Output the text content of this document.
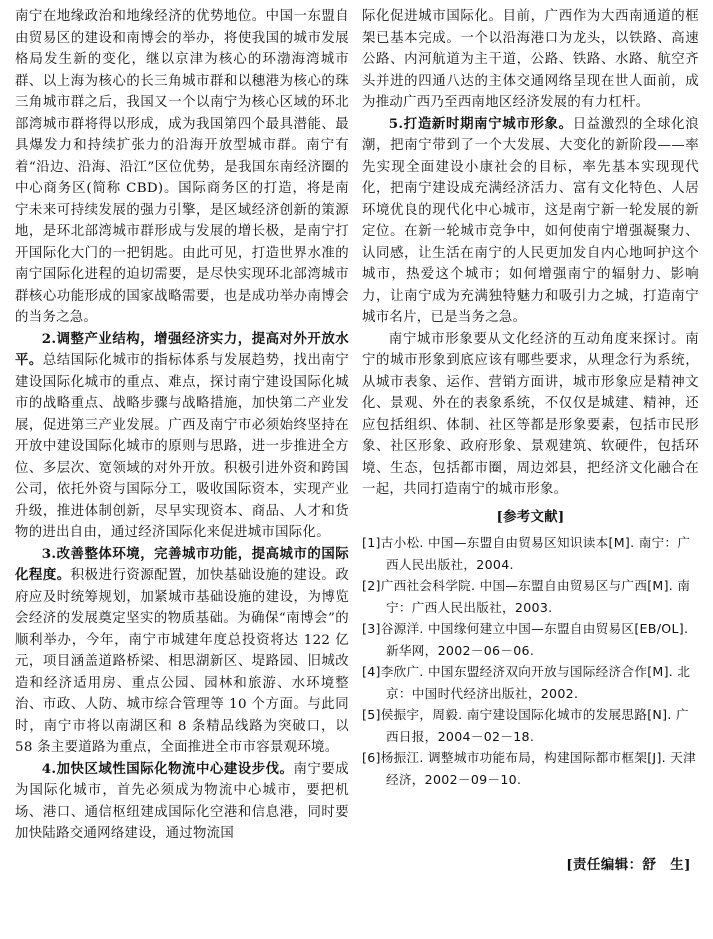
南宁在地缘政治和地缘经济的优势地位。中国一东盟自由贸易区的建设和南博会的举办，将使我国的城市发展格局发生新的变化，继以京津为核心的环渤海湾城市群、以上海为核心的长三角城市群和以穗港为核心的珠三角城市群之后，我国又一个以南宁为核心区域的环北部湾城市群将得以形成，成为我国第四个最具潜能、最具爆发力和持续扩张力的沿海开放型城市群。南宁有着“沿边、沿海、沿江”区位优势，是我国东南经济圈的中心商务区(简称 CBD)。国际商务区的打造，将是南宁未来可持续发展的强力引擎，是区域经济创新的策源地，是环北部湾城市群形成与发展的增长极，是南宁打开国际化大门的一把钥匙。由此可见，打造世界水准的南宁国际化进程的迫切需要，是尽快实现环北部湾城市群核心功能形成的国家战略需要，也是成功举办南博会的当务之急。

2.调整产业结构，增强经济实力，提高对外开放水平。总结国际化城市的指标体系与发展趋势，找出南宁建设国际化城市的重点、难点，探讨南宁建设国际化城市的战略重点、战略步骤与战略措施，加快第二产业发展，促进第三产业发展。广西及南宁市必须始终坚持在开放中建设国际化城市的原则与思路，进一步推进全方位、多层次、宽领域的对外开放。积极引进外资和跨国公司，依托外资与国际分工，吸收国际资本，实现产业升级，推进体制创新，尽早实现资本、商品、人才和货物的进出自由，通过经济国际化来促进城市国际化。

3.改善整体环境，完善城市功能，提高城市的国际化程度。积极进行资源配置，加快基础设施的建设。政府应及时统筹规划，加紧城市基础设施的建设，为博览会经济的发展奠定坚实的物质基础。为确保“南博会”的顺利举办，今年，南宁市城建年度总投资将达 122 亿元，项目涵盖道路桥梁、相思湖新区、堤路园、旧城改造和经济适用房、重点公园、园林和旅游、水环境整治、市政、人防、城市综合管理等 10 个方面。与此同时，南宁市将以南湖区和 8 条精品线路为突破口，以 58 条主要道路为重点，全面推进全市市容景观环境。

4.加快区域性国际化物流中心建设步伐。南宁要成为国际化城市，首先必须成为物流中心城市，要把机场、港口、通信枢纽建成国际化空港和信息港，同时要加快陆路交通网络建设，通过物流国

际化促进城市国际化。目前，广西作为大西南通道的框架已基本完成。一个以沿海港口为龙头，以铁路、高速公路、内河航道为主干道，公路、铁路、水路、航空齐头并进的四通八达的主体交通网络呈现在世人面前，成为推动广西乃至西南地区经济发展的有力杠杆。

5.打造新时期南宁城市形象。日益激烈的全球化浪潮，把南宁带到了一个大发展、大变化的新阶段——率先实现全面建设小康社会的目标，率先基本实现现代化，把南宁建设成充满经济活力、富有文化特色、人居环境优良的现代化中心城市，这是南宁新一轮发展的新定位。在新一轮城市竞争中，如何使南宁增强凝聚力、认同感，让生活在南宁的人民更加发自内心地呵护这个城市，热爱这个城市；如何增强南宁的辐射力、影响力，让南宁成为充满独特魅力和吸引力之城，打造南宁城市名片，已是当务之急。

南宁城市形象要从文化经济的互动角度来探讨。南宁的城市形象到底应该有哪些要求，从理念行为系统，从城市表象、运作、营销方面讲，城市形象应是精神文化、景观、外在的表象系统，不仅仅是城建、精神，还应包括组织、体制、社区等都是形象要素，包括市民形象、社区形象、政府形象、景观建筑、软硬件，包括环境、生态，包括都市圈，周边郊县，把经济文化融合在一起，共同打造南宁的城市形象。

[参考文献]
[1]古小松. 中国—东盟自由贸易区知识读本[M]. 南宁：广西人民出版社，2004.
[2]广西社会科学院. 中国—东盟自由贸易区与广西[M]. 南宁：广西人民出版社，2003.
[3]谷源洋. 中国缘何建立中国—东盟自由贸易区[EB/OL]. 新华网，2002－06－06.
[4]李欣广. 中国东盟经济双向开放与国际经济合作[M]. 北京：中国时代经济出版社，2002.
[5]侯振宇，周毅. 南宁建设国际化城市的发展思路[N]. 广西日报，2004－02－18.
[6]杨振江. 调整城市功能布局，构建国际都市框架[J]. 天津经济，2002－09－10.
[责任编辑：舒　生]
